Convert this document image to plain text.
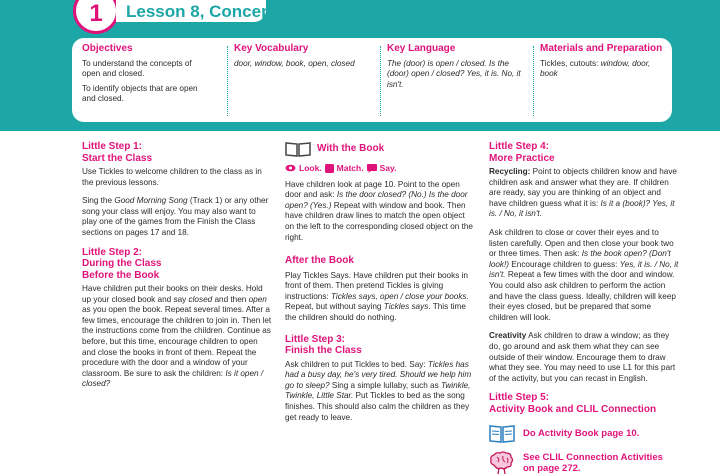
1 Lesson 8, Concept
Objectives
To understand the concepts of open and closed.
To identify objects that are open and closed.
Key Vocabulary
door, window, book, open, closed
Key Language
The (door) is open / closed. Is the (door) open / closed? Yes, it is. No, it isn't.
Materials and Preparation
Tickles, cutouts: window, door, book
Little Step 1:
Start the Class

Use Tickles to welcome children to the class as in the previous lessons.

Sing the Good Morning Song (Track 1) or any other song your class will enjoy. You may also want to play one of the games from the Finish the Class sections on pages 17 and 18.

Little Step 2:
During the Class
Before the Book

Have children put their books on their desks. Hold up your closed book and say closed and then open as you open the book. Repeat several times. After a few times, encourage the children to join in. Then let the instructions come from the children. Continue as before, but this time, encourage children to open and close the books in front of them. Repeat the procedure with the door and a window of your classroom. Be sure to ask the children: Is it open / closed?

With the Book
Look. Match. Say.

Have children look at page 10. Point to the open door and ask: Is the door closed? (No.) Is the door open? (Yes.) Repeat with window and book. Then have children draw lines to match the open object on the left to the corresponding closed object on the right.

After the Book

Play Tickles Says. Have children put their books in front of them. Then pretend Tickles is giving instructions: Tickles says, open / close your books. Repeat, but without saying Tickles says. This time the children should do nothing.

Little Step 3:
Finish the Class

Ask children to put Tickles to bed. Say: Tickles has had a busy day, he's very tired. Should we help him go to sleep? Sing a simple lullaby, such as Twinkle, Twinkle, Little Star. Put Tickles to bed as the song finishes. This should also calm the children as they get ready to leave.

Little Step 4:
More Practice

Recycling: Point to objects children know and have children ask and answer what they are. If children are ready, say you are thinking of an object and have children guess what it is: Is it a (book)? Yes, it is. / No, it isn't.

Ask children to close or cover their eyes and to listen carefully. Open and then close your book two or three times. Then ask: Is the book open? (Don't look!) Encourage children to guess: Yes, it is. / No, it isn't. Repeat a few times with the door and window. You could also ask children to perform the action and have the class guess. Ideally, children will keep their eyes closed, but be prepared that some children will look.

Creativity Ask children to draw a window; as they do, go around and ask them what they can see outside of their window. Encourage them to draw what they see. You may need to use L1 for this part of the activity, but you can recast in English.

Little Step 5:
Activity Book and CLIL Connection
Do Activity Book page 10.
See CLIL Connection Activities
on page 272.
